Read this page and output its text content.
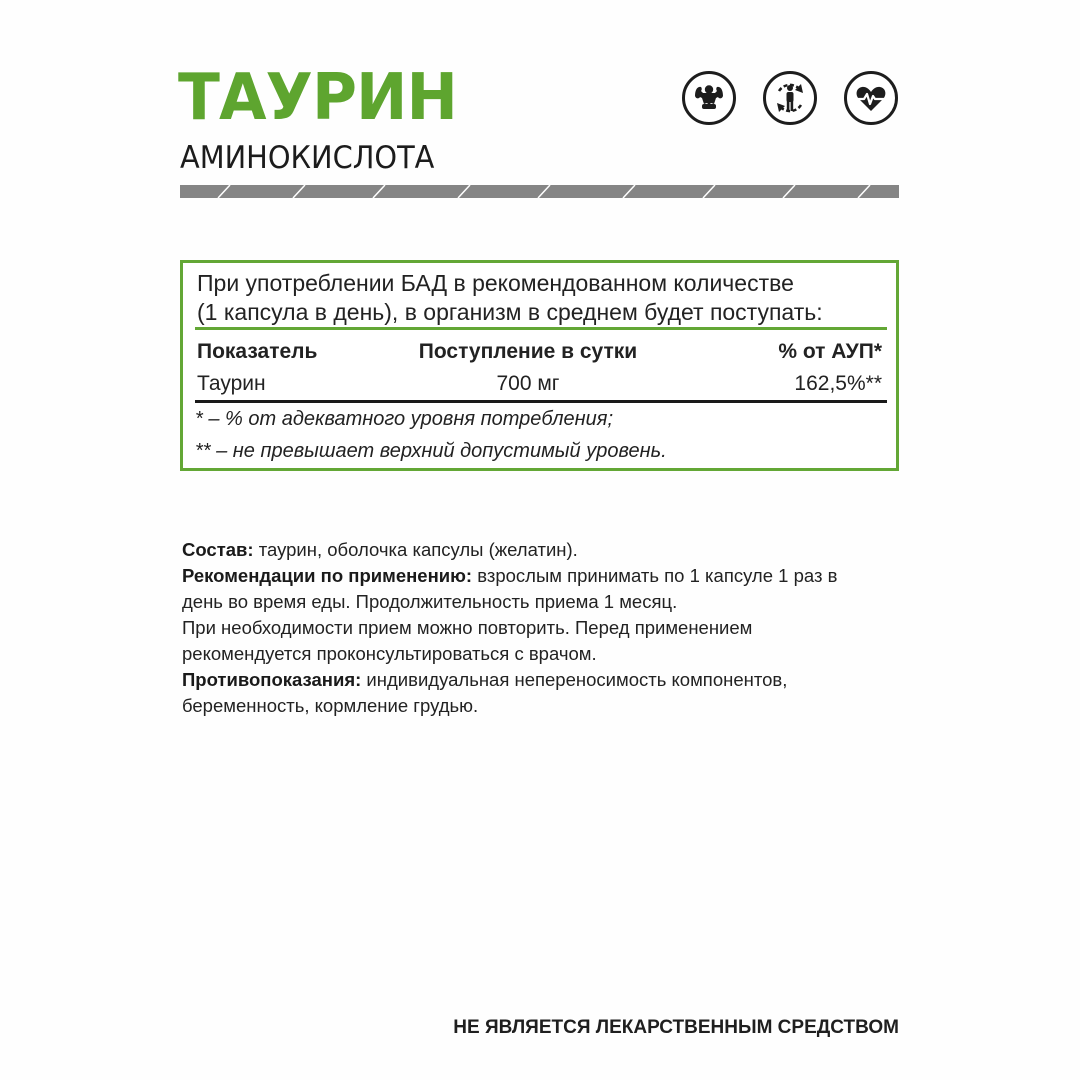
ТАУРИН
АМИНОКИСЛОТА
При употреблении БАД в рекомендованном количестве
(1 капсула в день), в организм в среднем будет поступать:
Показатель	Поступление в сутки	% от АУП*
Таурин	700 мг	162,5%**
* – % от адекватного уровня потребления;
** – не превышает верхний допустимый уровень.

Состав: таурин, оболочка капсулы (желатин).

Рекомендации по применению: взрослым принимать по 1 капсуле 1 раз в

день во время еды. Продолжительность приема 1 месяц.

При необходимости прием можно повторить. Перед применением

рекомендуется проконсультироваться с врачом.

Противопоказания: индивидуальная непереносимость компонентов,

беременность, кормление грудью.

НЕ ЯВЛЯЕТСЯ ЛЕКАРСТВЕННЫМ СРЕДСТВОМ
